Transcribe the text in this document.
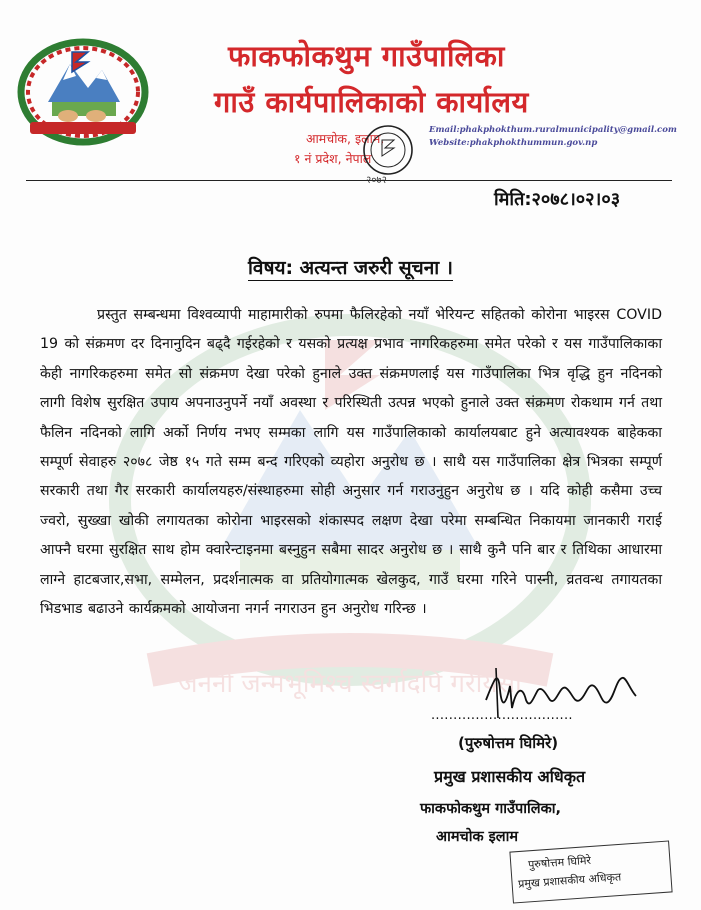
फाकफोकथुम गाउँपालिका
गाउँ कार्यपालिकाको कार्यालय
आमचोक, इलाम,
१ नं प्रदेश, नेपाल
Email:phakphokthum.ruralmunicipality@gmail.com
Website:phakphokthummun.gov.np
मिति:२०७८।०२।०३
विषय: अत्यन्त जरुरी सूचना ।
जननी जन्मभूमिश्च स्वर्गादपि गरीयसी
प्रस्तुत सम्बन्धमा विश्वव्यापी माहामारीको रुपमा फैलिरहेको नयाँ भेरियन्ट सहितको कोरोना भाइरस COVID 19 को संक्रमण दर दिनानुदिन बढ्दै गईरहेको र यसको प्रत्यक्ष प्रभाव नागरिकहरुमा समेत परेको र यस गाउँपालिकाका केही नागरिकहरुमा समेत सो संक्रमण देखा परेको हुनाले उक्त संक्रमणलाई यस गाउँपालिका भित्र वृद्धि हुन नदिनको लागी विशेष सुरक्षित उपाय अपनाउनुपर्ने नयाँ अवस्था र परिस्थिती उत्पन्न भएको हुनाले उक्त संक्रमण रोकथाम गर्न तथा फैलिन नदिनको लागि अर्को निर्णय नभए सम्मका लागि यस गाउँपालिकाको कार्यालयबाट हुने अत्यावश्यक बाहेकका सम्पूर्ण सेवाहरु २०७८ जेष्ठ १५ गते सम्म बन्द गरिएको व्यहोरा अनुरोध छ । साथै यस गाउँपालिका क्षेत्र भित्रका सम्पूर्ण सरकारी तथा गैर सरकारी कार्यालयहरु/संस्थाहरुमा सोही अनुसार गर्न गराउनुहुन अनुरोध छ । यदि कोही कसैमा उच्च ज्वरो, सुख्खा खोकी लगायतका कोरोना भाइरसको शंकास्पद लक्षण देखा परेमा सम्बन्धित निकायमा जानकारी गराई आफ्नै घरमा सुरक्षित साथ होम क्वारेन्टाइनमा बस्नुहुन सबैमा सादर अनुरोध छ । साथै कुनै पनि बार र तिथिका आधारमा लाग्ने हाटबजार,सभा, सम्मेलन, प्रदर्शनात्मक वा प्रतियोगात्मक खेलकुद, गाउँ घरमा गरिने पास्नी, व्रतवन्ध तगायतका भिडभाड बढाउने कार्यक्रमको आयोजना नगर्न नगराउन हुन अनुरोध गरिन्छ ।
................................
(पुरुषोत्तम घिमिरे)
प्रमुख प्रशासकीय अधिकृत
फाकफोकथुम गाउँपालिका,
आमचोक इलाम
पुरुषोत्तम घिमिरे
प्रमुख प्रशासकीय अधिकृत
